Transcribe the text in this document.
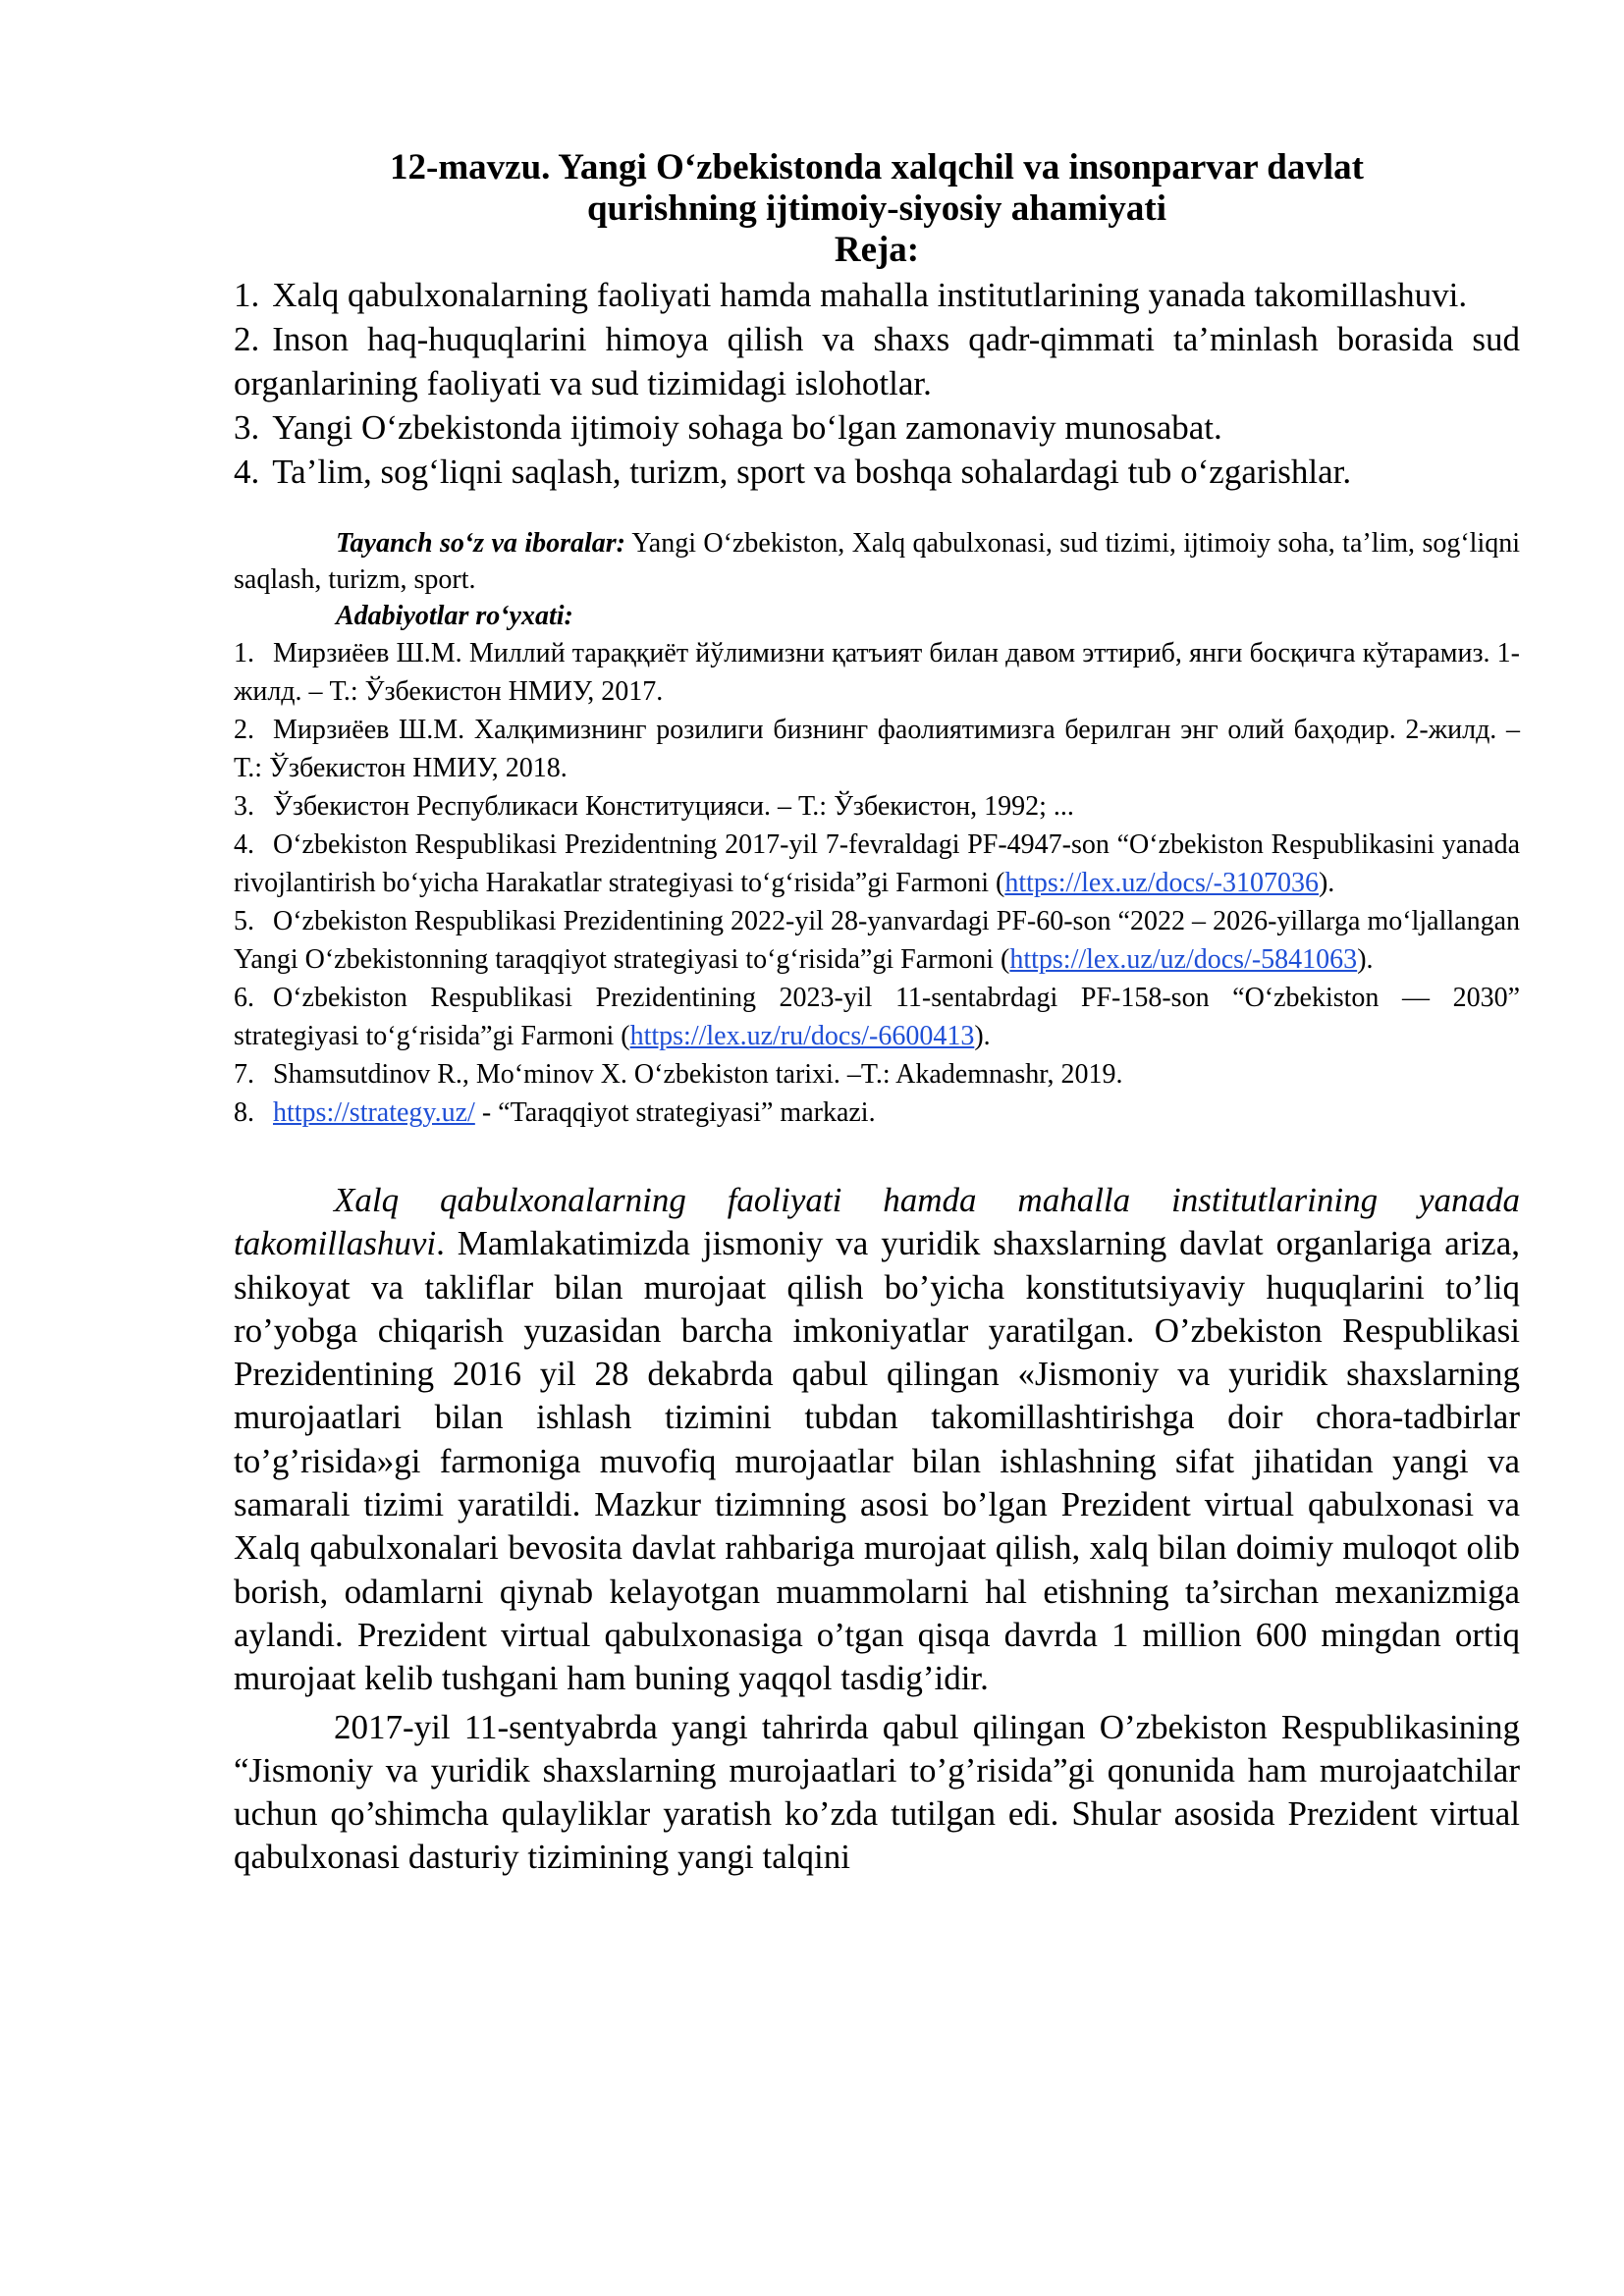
12-mavzu. Yangi O‘zbekistonda xalqchil va insonparvar davlat
qurishning ijtimoiy-siyosiy ahamiyati
Reja:
1. Xalq qabulxonalarning faoliyati hamda mahalla institutlarining yanada takomillashuvi.
2. Inson haq-huquqlarini himoya qilish va shaxs qadr-qimmati ta’minlash borasida sud organlarining faoliyati va sud tizimidagi islohotlar.
3. Yangi O‘zbekistonda ijtimoiy sohaga bo‘lgan zamonaviy munosabat.
4. Ta’lim, sog‘liqni saqlash, turizm, sport va boshqa sohalardagi tub o‘zgarishlar.
Tayanch so‘z va iboralar: Yangi O‘zbekiston, Xalq qabulxonasi, sud tizimi, ijtimoiy soha, ta’lim, sog‘liqni saqlash, turizm, sport.
Adabiyotlar ro‘yxati:
1. Мирзиёев Ш.М. Миллий тараққиёт йўлимизни қатъият билан давом эттириб, янги босқичга кўтарамиз. 1-жилд. – Т.: Ўзбекистон НМИУ, 2017.
2. Мирзиёев Ш.М. Халқимизнинг розилиги бизнинг фаолиятимизга берилган энг олий баҳодир. 2-жилд. – Т.: Ўзбекистон НМИУ, 2018.
3. Ўзбекистон Республикаси Конституцияси. – Т.: Ўзбекистон, 1992; ...
4. O‘zbekiston Respublikasi Prezidentning 2017-yil 7-fevraldagi PF-4947-son “O‘zbekiston Respublikasini yanada rivojlantirish bo‘yicha Harakatlar strategiyasi to‘g‘risida”gi Farmoni (https://lex.uz/docs/-3107036).
5. O‘zbekiston Respublikasi Prezidentining 2022-yil 28-yanvardagi PF-60-son “2022 – 2026-yillarga mo‘ljallangan Yangi O‘zbekistonning taraqqiyot strategiyasi to‘g‘risida”gi Farmoni (https://lex.uz/uz/docs/-5841063).
6. O‘zbekiston Respublikasi Prezidentining 2023-yil 11-sentabrdagi PF-158-son “O‘zbekiston — 2030” strategiyasi to‘g‘risida”gi Farmoni (https://lex.uz/ru/docs/-6600413).
7. Shamsutdinov R., Mo‘minov X. O‘zbekiston tarixi. –T.: Akademnashr, 2019.
8. https://strategy.uz/ - “Taraqqiyot strategiyasi” markazi.

Xalq qabulxonalarning faoliyati hamda mahalla institutlarining yanada takomillashuvi. Mamlakatimizda jismoniy va yuridik shaxslarning davlat organlariga ariza, shikoyat va takliflar bilan murojaat qilish bo’yicha konstitutsiyaviy huquqlarini to’liq ro’yobga chiqarish yuzasidan barcha imkoniyatlar yaratilgan. O’zbekiston Respublikasi Prezidentining 2016 yil 28 dekabrda qabul qilingan «Jismoniy va yuridik shaxslarning murojaatlari bilan ishlash tizimini tubdan takomillashtirishga doir chora-tadbirlar to’g’risida»gi farmoniga muvofiq murojaatlar bilan ishlashning sifat jihatidan yangi va samarali tizimi yaratildi. Mazkur tizimning asosi bo’lgan Prezident virtual qabulxonasi va Xalq qabulxonalari bevosita davlat rahbariga murojaat qilish, xalq bilan doimiy muloqot olib borish, odamlarni qiynab kelayotgan muammolarni hal etishning ta’sirchan mexanizmiga aylandi. Prezident virtual qabulxonasiga o’tgan qisqa davrda 1 million 600 mingdan ortiq murojaat kelib tushgani ham buning yaqqol tasdig’idir.

2017-yil 11-sentyabrda yangi tahrirda qabul qilingan O’zbekiston Respublikasining “Jismoniy va yuridik shaxslarning murojaatlari to’g’risida”gi qonunida ham murojaatchilar uchun qo’shimcha qulayliklar yaratish ko’zda tutilgan edi. Shular asosida Prezident virtual qabulxonasi dasturiy tizimining yangi talqini
